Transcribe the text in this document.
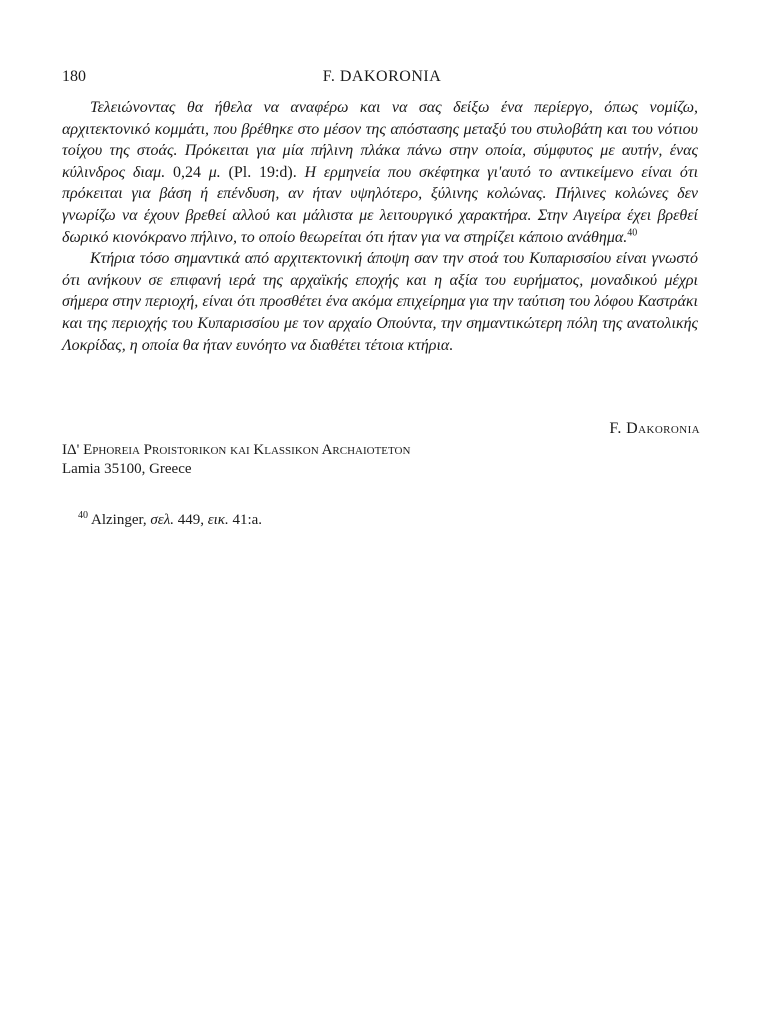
180	F. DAKORONIA

Τελειώνοντας θα ήθελα να αναφέρω και να σας δείξω ένα περίεργο, όπως νομίζω, αρχιτεκτονικό κομμάτι, που βρέθηκε στο μέσον της απόστασης μεταξύ του στυλοβάτη και του νότιου τοίχου της στοάς. Πρόκειται για μία πήλινη πλάκα πάνω στην οποία, σύμφυτος με αυτήν, ένας κύλινδρος διαμ. 0,24 μ. (Pl. 19:d). Η ερμηνεία που σκέφτηκα γι'αυτό το αντικείμενο είναι ότι πρόκειται για βάση ή επένδυση, αν ήταν υψηλότερο, ξύλινης κολώνας. Πήλινες κολώνες δεν γνωρίζω να έχουν βρεθεί αλλού και μάλιστα με λειτουργικό χαρακτήρα. Στην Αιγείρα έχει βρεθεί δωρικό κιονόκρανο πήλινο, το οποίο θεωρείται ότι ήταν για να στηρίζει κάποιο ανάθημα.$^{40}$

Κτήρια τόσο σημαντικά από αρχιτεκτονική άποψη σαν την στοά του Κυπαρισσίου είναι γνωστό ότι ανήκουν σε επιφανή ιερά της αρχαϊκής εποχής και η αξία του ευρήματος, μοναδικού μέχρι σήμερα στην περιοχή, είναι ότι προσθέτει ένα ακόμα επιχείρημα για την ταύτιση του λόφου Καστράκι και της περιοχής του Κυπαρισσίου με τον αρχαίο Οπούντα, την σημαντικώτερη πόλη της ανατολικής Λοκρίδας, η οποία θα ήταν ευνόητο να διαθέτει τέτοια κτήρια.

F. Dakoronia
ΙΔ' Ephoreia Proistorikon kai Klassikon Archaioteton
Lamia 35100, Greece
$^{40}$ Alzinger, σελ. 449, εικ. 41:a.
